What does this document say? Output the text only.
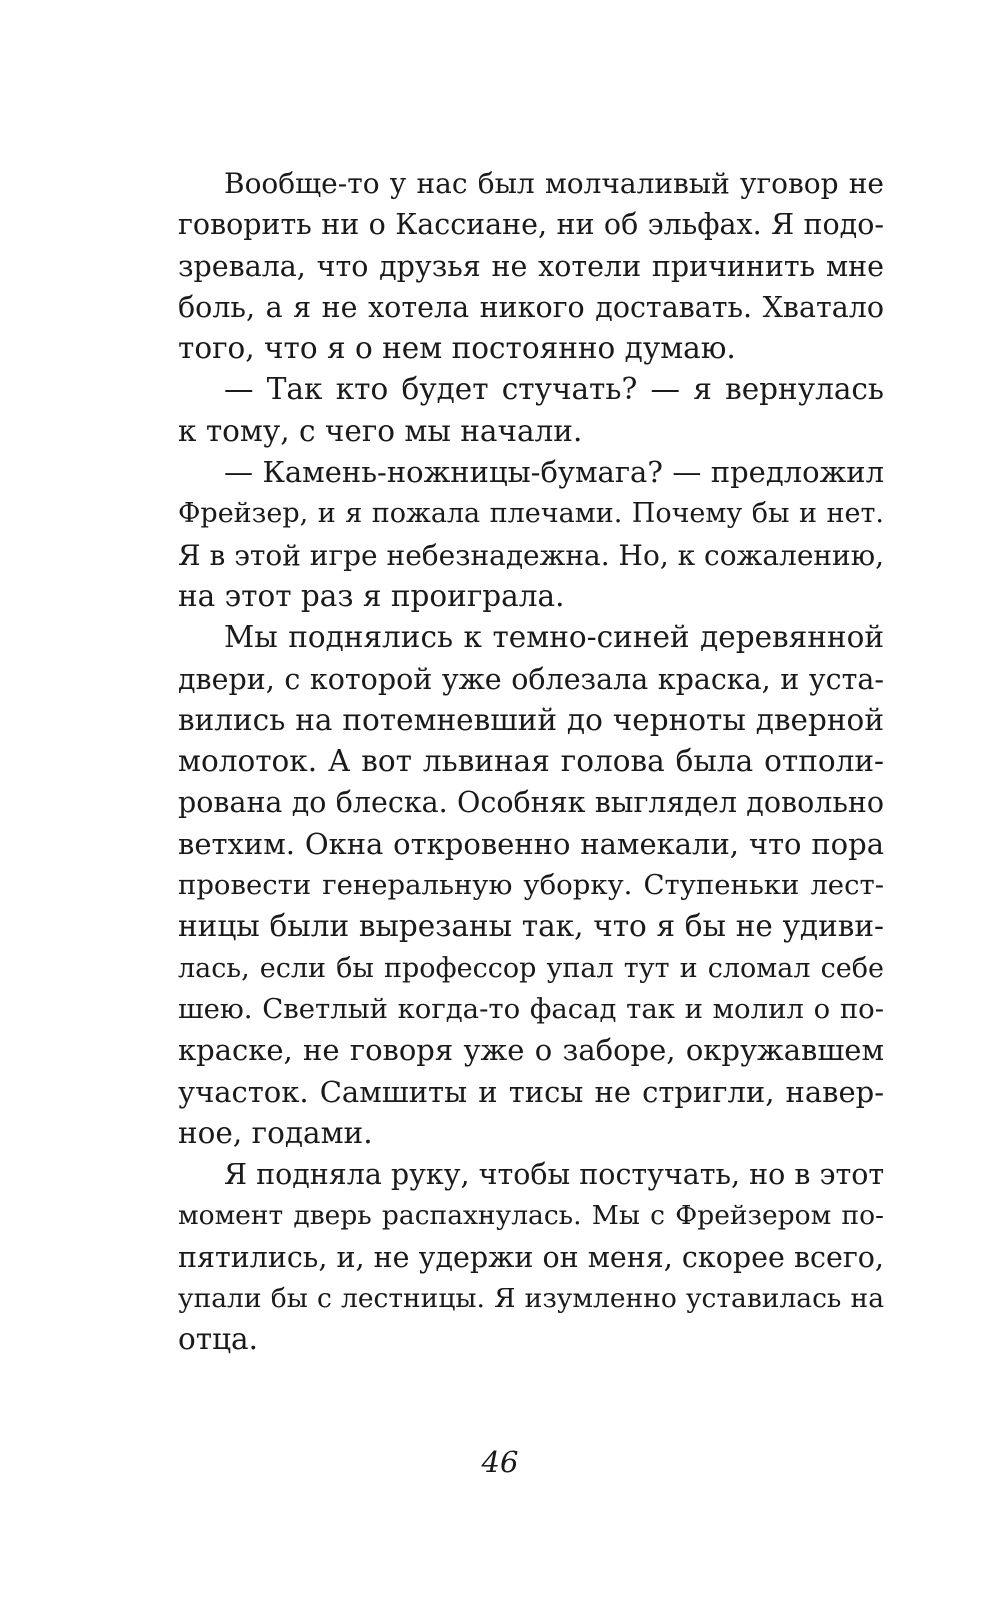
Вообще-то у нас был молчаливый уговор не
говорить ни о Кассиане, ни об эльфах. Я подо-
зревала, что друзья не хотели причинить мне
боль, а я не хотела никого доставать. Хватало
того, что я о нем постоянно думаю.
— Так кто будет стучать? — я вернулась
к тому, с чего мы начали.
— Камень-ножницы-бумага? — предложил
Фрейзер, и я пожала плечами. Почему бы и нет.
Я в этой игре небезнадежна. Но, к сожалению,
на этот раз я проиграла.
Мы поднялись к темно-синей деревянной
двери, с которой уже облезала краска, и уста-
вились на потемневший до черноты дверной
молоток. А вот львиная голова была отполи-
рована до блеска. Особняк выглядел довольно
ветхим. Окна откровенно намекали, что пора
провести генеральную уборку. Ступеньки лест-
ницы были вырезаны так, что я бы не удиви-
лась, если бы профессор упал тут и сломал себе
шею. Светлый когда-то фасад так и молил о по-
краске, не говоря уже о заборе, окружавшем
участок. Самшиты и тисы не стригли, навер-
ное, годами.
Я подняла руку, чтобы постучать, но в этот
момент дверь распахнулась. Мы с Фрейзером по-
пятились, и, не удержи он меня, скорее всего,
упали бы с лестницы. Я изумленно уставилась на
отца.
46
